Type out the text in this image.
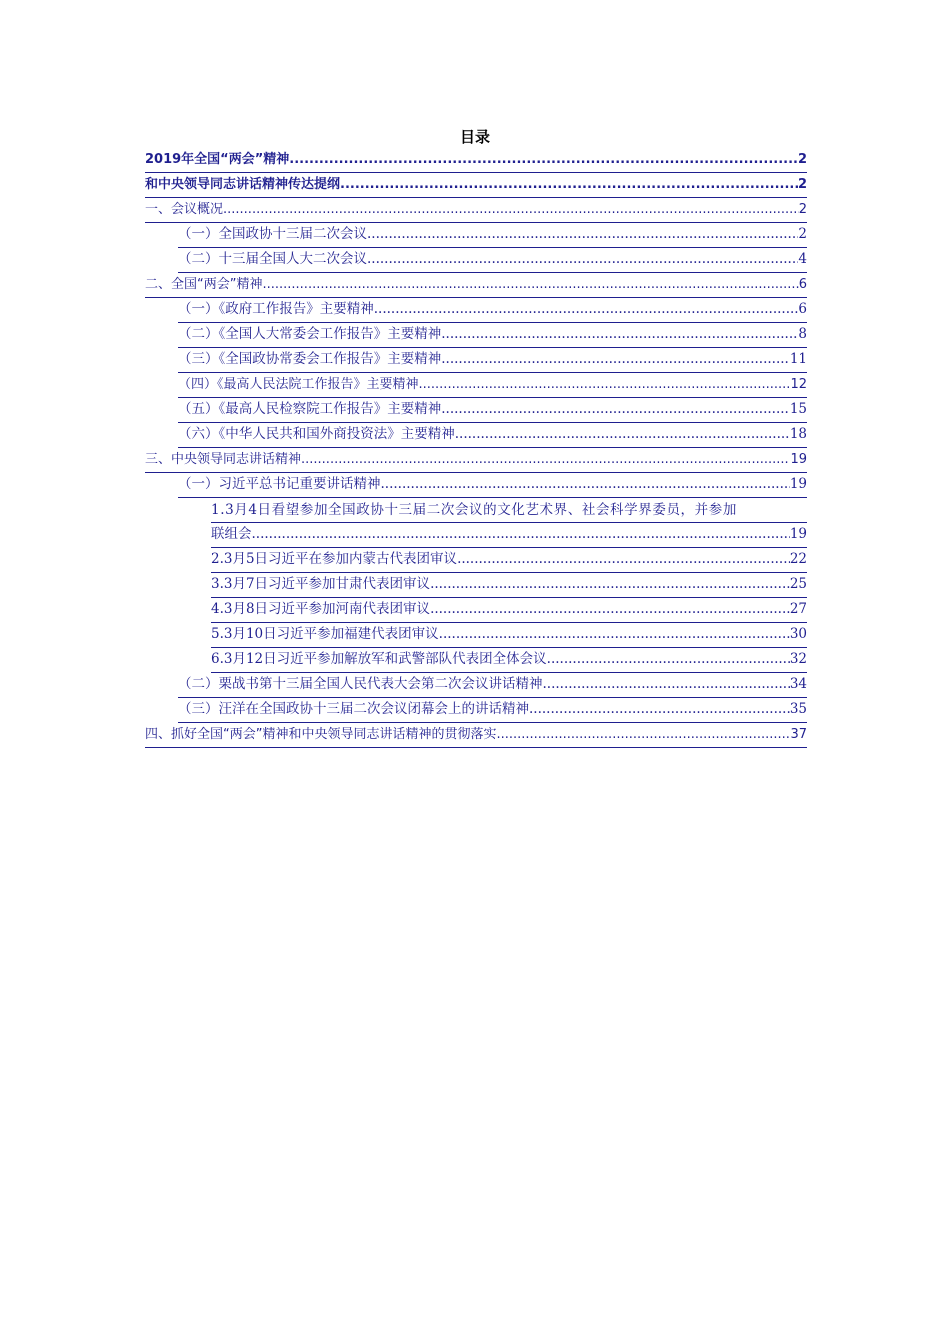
目录
2019年全国“两会”精神 .....	2
和中央领导同志讲话精神传达提纲 .....	2
一、会议概况 .....	2
（一）全国政协十三届二次会议 .....	2
（二）十三届全国人大二次会议 .....	4
二、全国“两会”精神 .....	6
（一）《政府工作报告》主要精神 .....	6
（二）《全国人大常委会工作报告》主要精神 .....	8
（三）《全国政协常委会工作报告》主要精神 .....	11
（四）《最高人民法院工作报告》主要精神 .....	12
（五）《最高人民检察院工作报告》主要精神 .....	15
（六）《中华人民共和国外商投资法》主要精神 .....	18
三、中央领导同志讲话精神 .....	19
（一）习近平总书记重要讲话精神 .....	19
1.3月4日看望参加全国政协十三届二次会议的文化艺术界、社会科学界委员，并参加
联组会 .....	19
2.3月5日习近平在参加内蒙古代表团审议 .....	22
3.3月7日习近平参加甘肃代表团审议 .....	25
4.3月8日习近平参加河南代表团审议 .....	27
5.3月10日习近平参加福建代表团审议 .....	30
6.3月12日习近平参加解放军和武警部队代表团全体会议 .....	32
（二）栗战书第十三届全国人民代表大会第二次会议讲话精神 .....	34
（三）汪洋在全国政协十三届二次会议闭幕会上的讲话精神 .....	35
四、抓好全国“两会”精神和中央领导同志讲话精神的贯彻落实 .....	37
